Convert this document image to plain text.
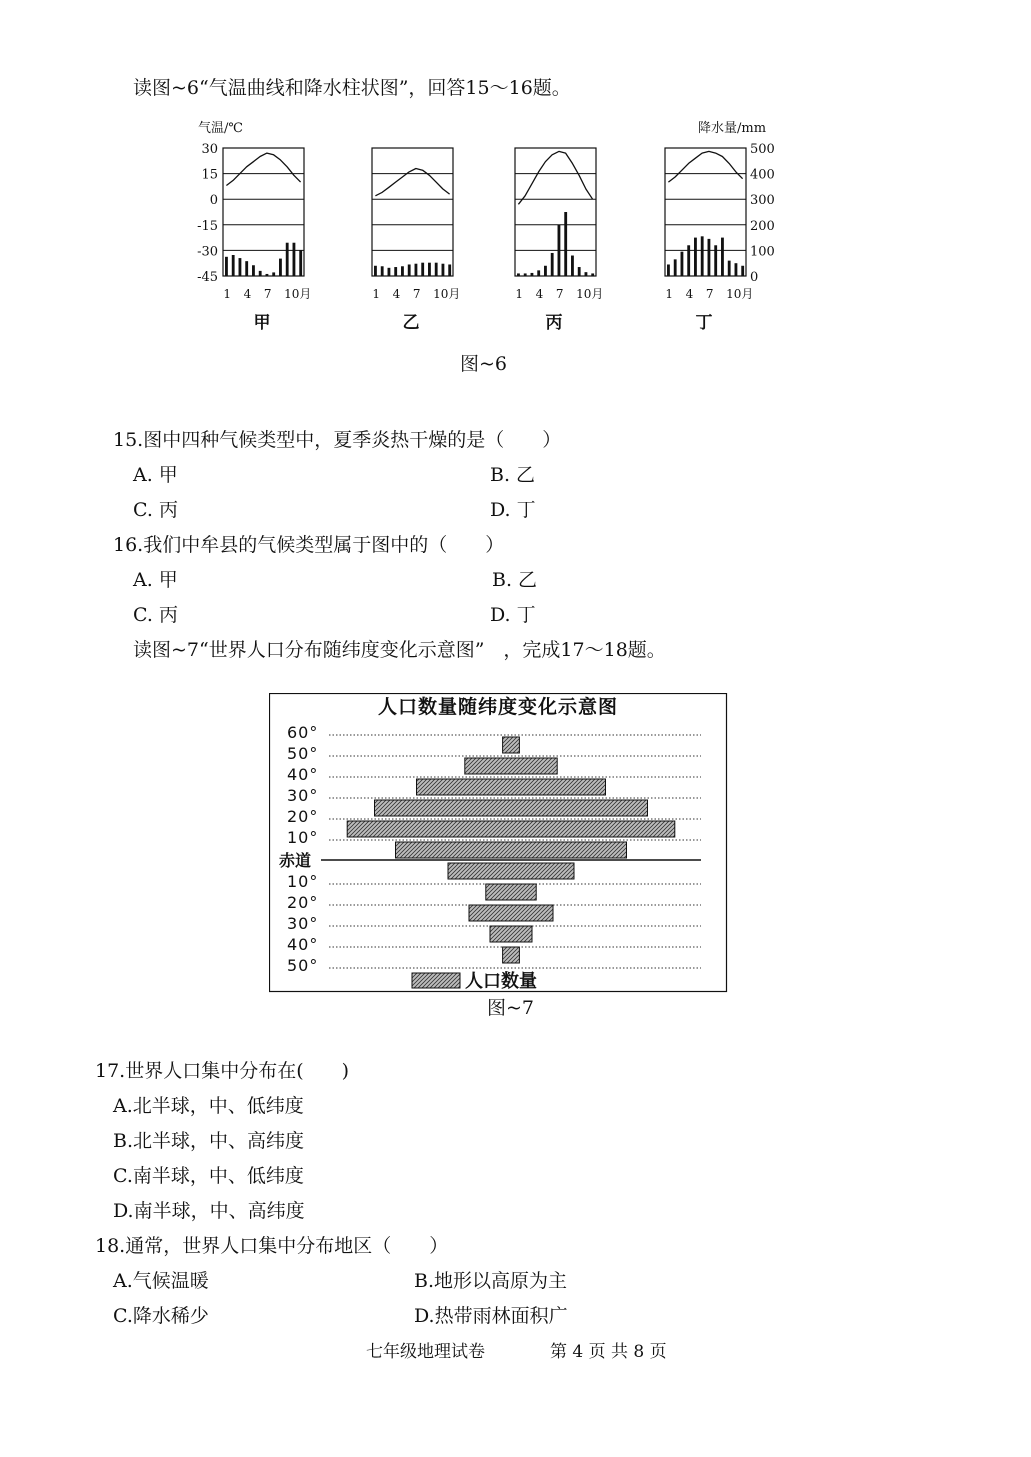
读图~6“气温曲线和降水柱状图”，回答15～16题。
气温/℃	降水量/mm
30
15
0
-15
-30
-45
500
400
300
200
100
0
1 4 7 10月
甲
1 4 7 10月
乙
1 4 7 10月
丙
1 4 7 10月
丁
图~6
15.图中四种气候类型中，夏季炎热干燥的是（　　）
A. 甲	B. 乙
C. 丙	D. 丁
16.我们中牟县的气候类型属于图中的（　　）
A. 甲	B. 乙
C. 丙	D. 丁
读图~7“世界人口分布随纬度变化示意图”　，完成17～18题。
人口数量随纬度变化示意图
60°
50°
40°
30°
20°
10°
赤道
10°
20°
30°
40°
50°
人口数量
图~7
17.世界人口集中分布在(　　)
A.北半球，中、低纬度
B.北半球，中、高纬度
C.南半球，中、低纬度
D.南半球，中、高纬度
18.通常，世界人口集中分布地区（　　）
A.气候温暖	B.地形以高原为主
C.降水稀少	D.热带雨林面积广
七年级地理试卷	第 4 页 共 8 页
